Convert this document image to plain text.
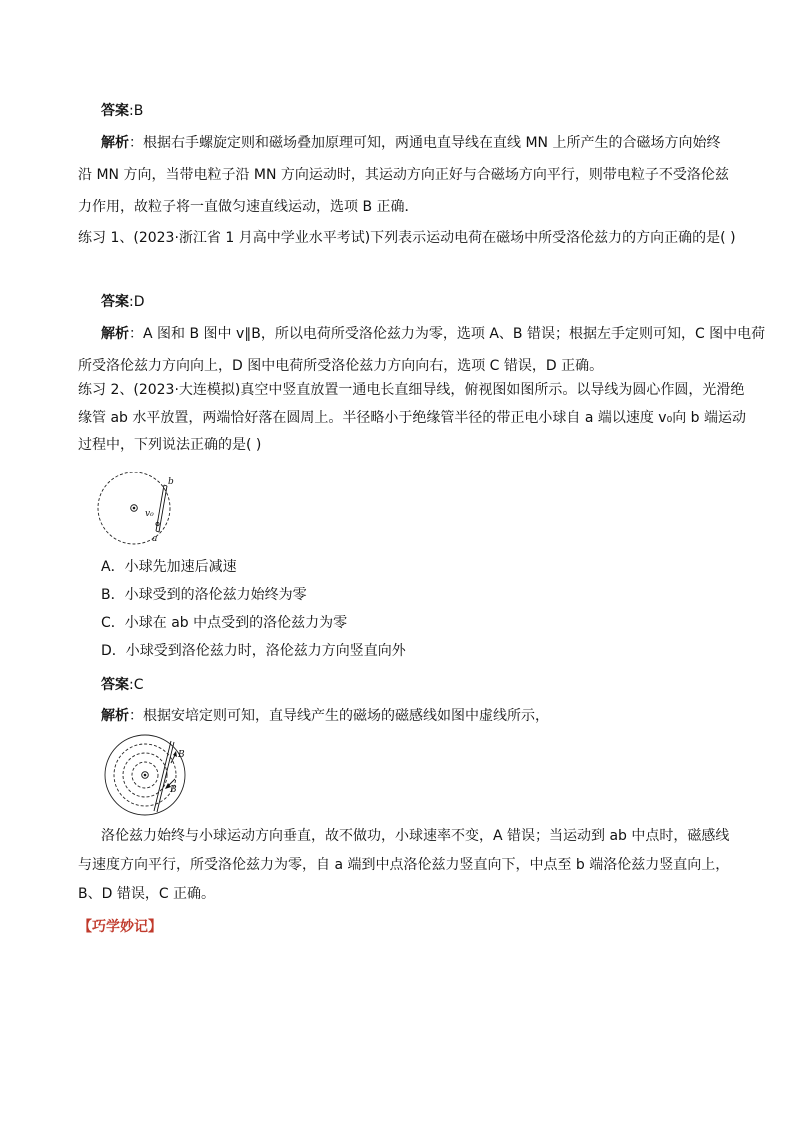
答案:B
解析：根据右手螺旋定则和磁场叠加原理可知，两通电直导线在直线 MN 上所产生的合磁场方向始终
沿 MN 方向，当带电粒子沿 MN 方向运动时，其运动方向正好与合磁场方向平行，则带电粒子不受洛伦兹
力作用，故粒子将一直做匀速直线运动，选项 B 正确．
练习 1、(2023·浙江省 1 月高中学业水平考试)下列表示运动电荷在磁场中所受洛伦兹力的方向正确的是( )
答案:D
解析：A 图和 B 图中 v∥B，所以电荷所受洛伦兹力为零，选项 A、B 错误；根据左手定则可知，C 图中电荷
所受洛伦兹力方向向上，D 图中电荷所受洛伦兹力方向向右，选项 C 错误，D 正确。
练习 2、(2023·大连模拟)真空中竖直放置一通电长直细导线，俯视图如图所示。以导线为圆心作圆，光滑绝
缘管 ab 水平放置，两端恰好落在圆周上。半径略小于绝缘管半径的带正电小球自 a 端以速度 v₀向 b 端运动
过程中，下列说法正确的是( )
b
a
v₀
A．小球先加速后减速
B．小球受到的洛伦兹力始终为零
C．小球在 ab 中点受到的洛伦兹力为零
D．小球受到洛伦兹力时，洛伦兹力方向竖直向外
答案:C
解析：根据安培定则可知，直导线产生的磁场的磁感线如图中虚线所示，
B
B
洛伦兹力始终与小球运动方向垂直，故不做功，小球速率不变，A 错误；当运动到 ab 中点时，磁感线
与速度方向平行，所受洛伦兹力为零，自 a 端到中点洛伦兹力竖直向下，中点至 b 端洛伦兹力竖直向上，
B、D 错误，C 正确。
【巧学妙记】
